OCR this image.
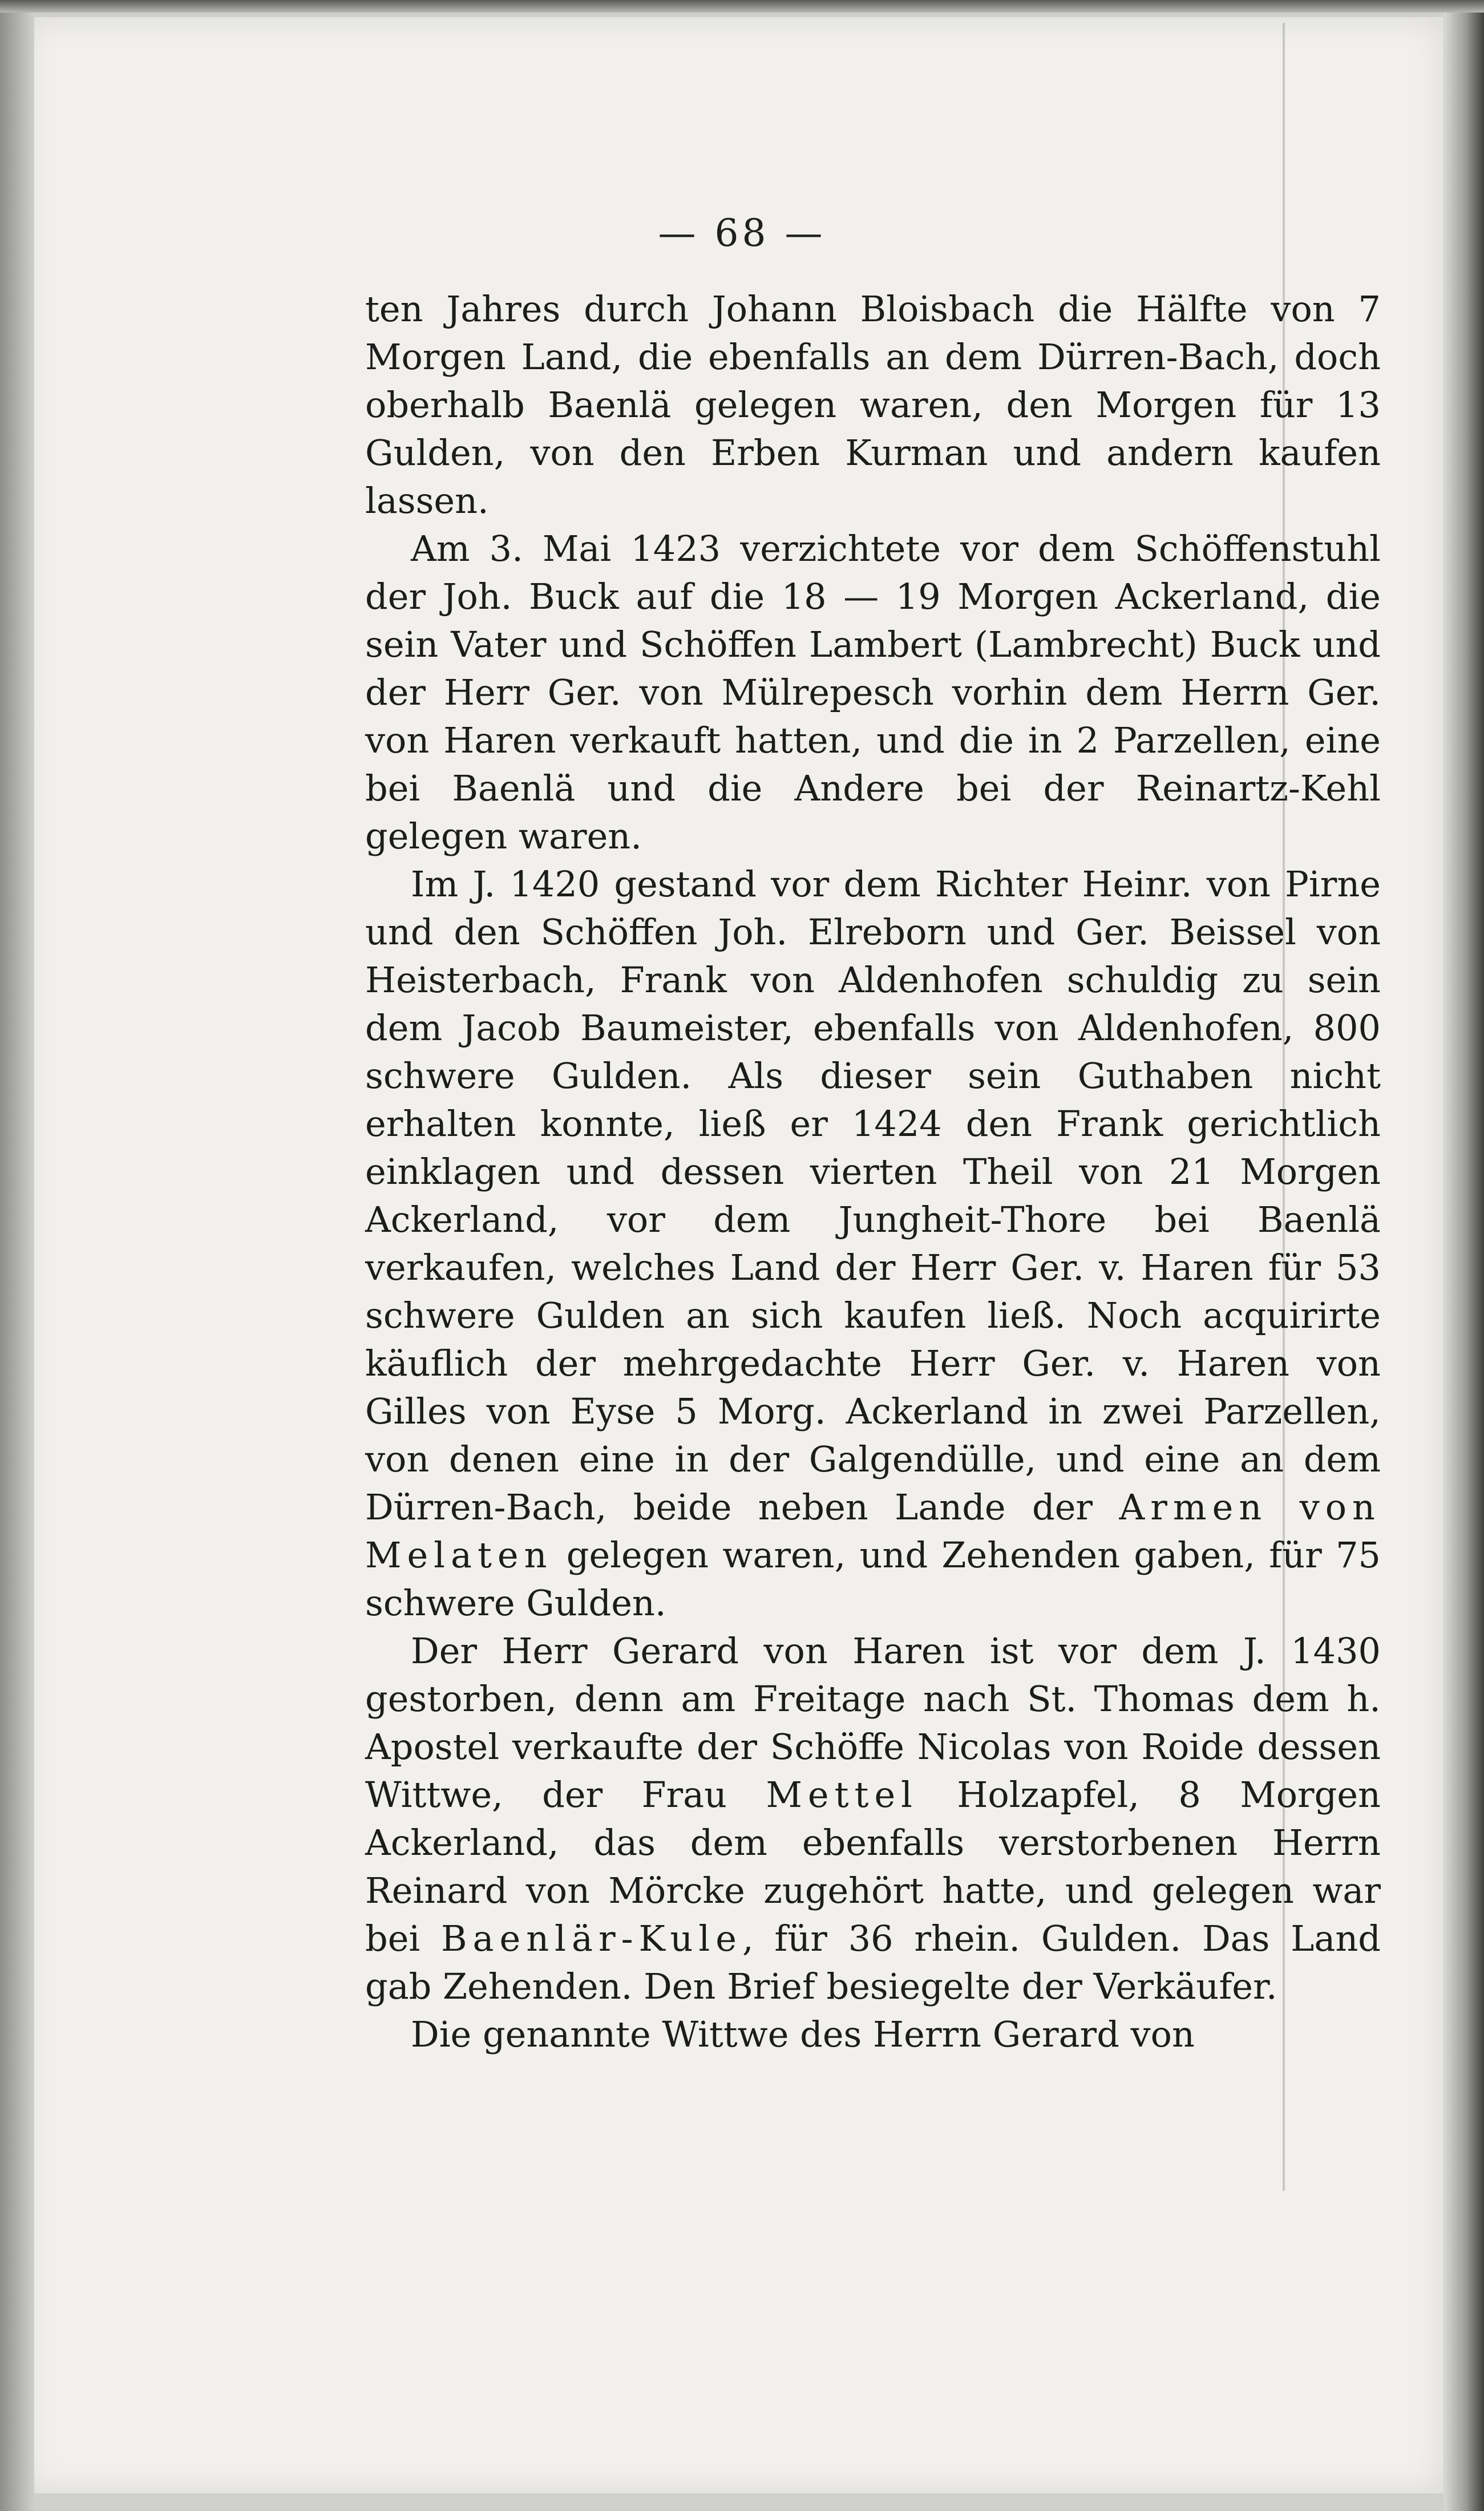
— 68 —

ten Jahres durch Johann Bloisbach die Hälfte von 7 Morgen Land, die ebenfalls an dem Dürren-Bach, doch oberhalb Baenlä gelegen waren, den Morgen für 13 Gulden, von den Erben Kurman und andern kaufen lassen.

Am 3. Mai 1423 verzichtete vor dem Schöffenstuhl der Joh. Buck auf die 18 — 19 Morgen Ackerland, die sein Vater und Schöffen Lambert (Lambrecht) Buck und der Herr Ger. von Mülrepesch vorhin dem Herrn Ger. von Haren verkauft hatten, und die in 2 Parzellen, eine bei Baenlä und die Andere bei der Reinartz-Kehl gelegen waren.

Im J. 1420 gestand vor dem Richter Heinr. von Pirne und den Schöffen Joh. Elreborn und Ger. Beissel von Heisterbach, Frank von Aldenhofen schuldig zu sein dem Jacob Baumeister, ebenfalls von Aldenhofen, 800 schwere Gulden. Als dieser sein Guthaben nicht erhalten konnte, ließ er 1424 den Frank gerichtlich einklagen und dessen vierten Theil von 21 Morgen Ackerland, vor dem Jungheit-Thore bei Baenlä verkaufen, welches Land der Herr Ger. v. Haren für 53 schwere Gulden an sich kaufen ließ. Noch acquirirte käuflich der mehrgedachte Herr Ger. v. Haren von Gilles von Eyse 5 Morg. Ackerland in zwei Parzellen, von denen eine in der Galgendülle, und eine an dem Dürren-Bach, beide neben Lande der Armen von Melaten gelegen waren, und Zehenden gaben, für 75 schwere Gulden.

Der Herr Gerard von Haren ist vor dem J. 1430 gestorben, denn am Freitage nach St. Thomas dem h. Apostel verkaufte der Schöffe Nicolas von Roide dessen Wittwe, der Frau Mettel Holzapfel, 8 Morgen Ackerland, das dem ebenfalls verstorbenen Herrn Reinard von Mörcke zugehört hatte, und gelegen war bei Baenlär-Kule, für 36 rhein. Gulden. Das Land gab Zehenden. Den Brief besiegelte der Verkäufer.

Die genannte Wittwe des Herrn Gerard von
